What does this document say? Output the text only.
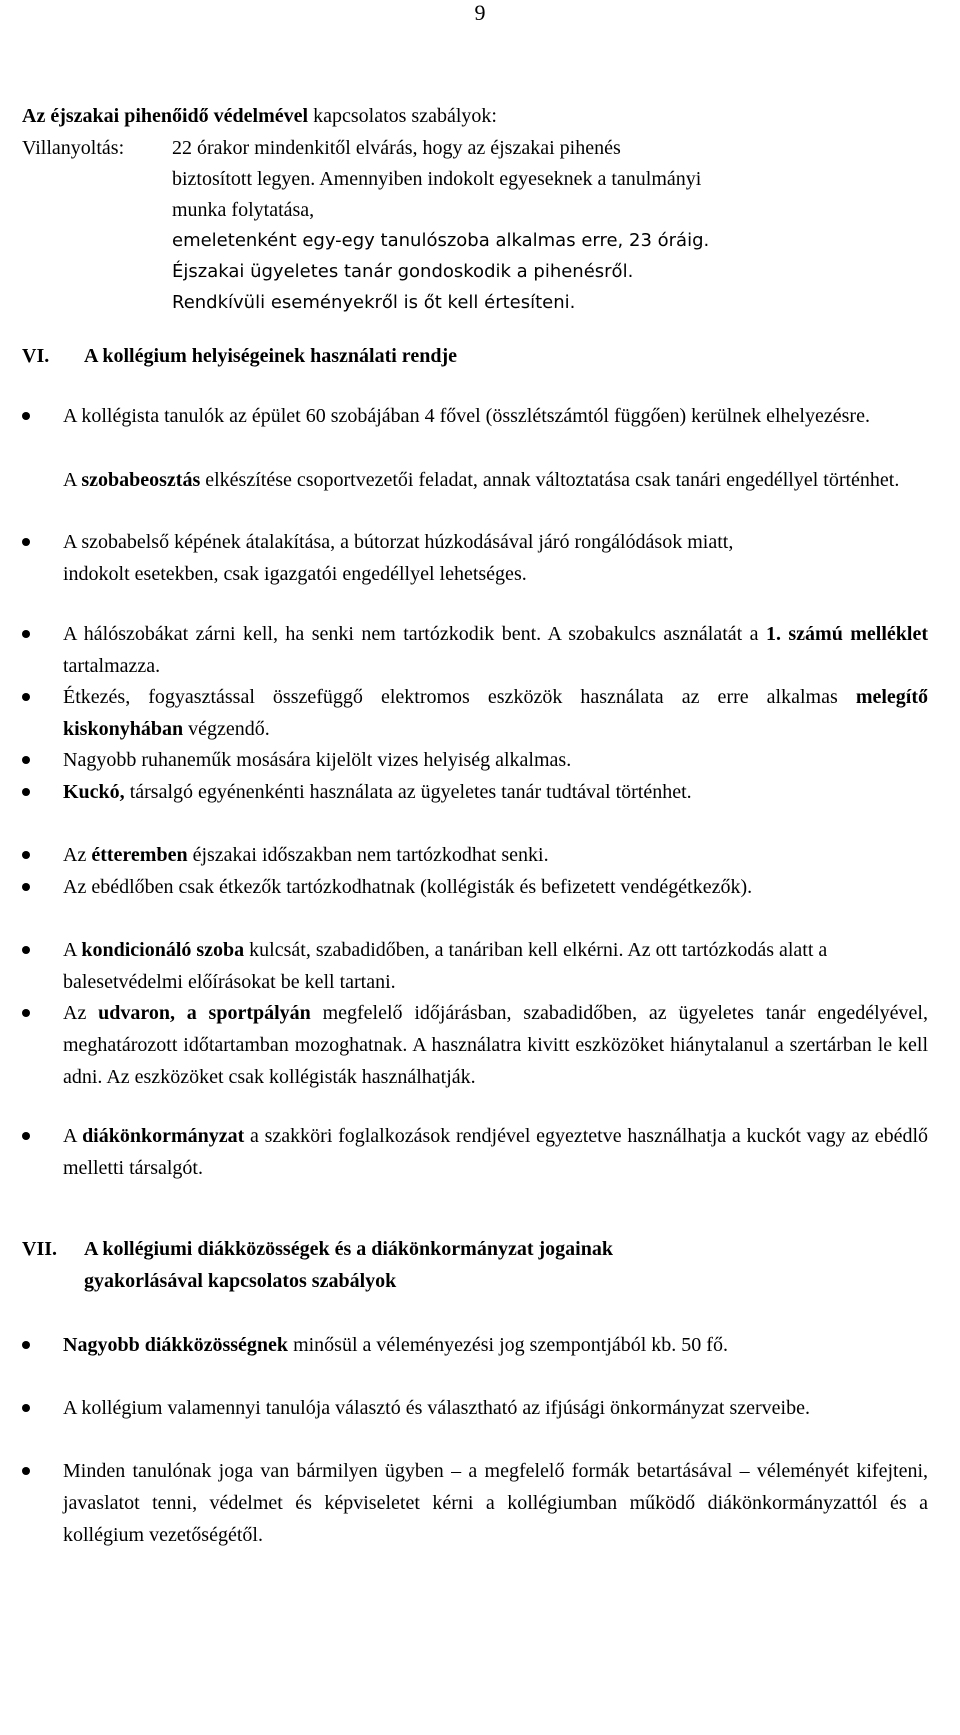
9
Az éjszakai pihenőidő védelmével kapcsolatos szabályok:
Villanyoltás: 22 órakor mindenkitől elvárás, hogy az éjszakai pihenés
biztosított legyen. Amennyiben indokolt egyeseknek a tanulmányi
munka folytatása,
emeletenként egy-egy tanulószoba alkalmas erre, 23 óráig.
Éjszakai ügyeletes tanár gondoskodik a pihenésről.
Rendkívüli eseményekről is őt kell értesíteni.
VI. A kollégium helyiségeinek használati rendje
A kollégista tanulók az épület 60 szobájában 4 fővel (összlétszámtól függően) kerülnek elhelyezésre.
A szobabeosztás elkészítése csoportvezetői feladat, annak változtatása csak tanári engedéllyel történhet.
A szobabelső képének átalakítása, a bútorzat húzkodásával járó rongálódások miatt, indokolt esetekben, csak igazgatói engedéllyel lehetséges.
A hálószobákat zárni kell, ha senki nem tartózkodik bent. A szobakulcs asználatát a 1. számú melléklet tartalmazza.
Étkezés, fogyasztással összefüggő elektromos eszközök használata az erre alkalmas melegítő kiskonyhában végzendő.
Nagyobb ruhaneműk mosására kijelölt vizes helyiség alkalmas.
Kuckó, társalgó egyénenkénti használata az ügyeletes tanár tudtával történhet.
Az étteremben éjszakai időszakban nem tartózkodhat senki.
Az ebédlőben csak étkezők tartózkodhatnak (kollégisták és befizetett vendégétkezők).
A kondicionáló szoba kulcsát, szabadidőben, a tanáriban kell elkérni. Az ott tartózkodás alatt a balesetvédelmi előírásokat be kell tartani.
Az udvaron, a sportpályán megfelelő időjárásban, szabadidőben, az ügyeletes tanár engedélyével, meghatározott időtartamban mozoghatnak. A használatra kivitt eszközöket hiánytalanul a szertárban le kell adni. Az eszközöket csak kollégisták használhatják.
A diákönkormányzat a szakköri foglalkozások rendjével egyeztetve használhatja a kuckót vagy az ebédlő melletti társalgót.
VII. A kollégiumi diákközösségek és a diákönkormányzat jogainak
gyakorlásával kapcsolatos szabályok
Nagyobb diákközösségnek minősül a véleményezési jog szempontjából kb. 50 fő.
A kollégium valamennyi tanulója választó és választható az ifjúsági önkormányzat szerveibe.
Minden tanulónak joga van bármilyen ügyben – a megfelelő formák betartásával – véleményét kifejteni, javaslatot tenni, védelmet és képviseletet kérni a kollégiumban működő diákönkormányzattól és a kollégium vezetőségétől.
